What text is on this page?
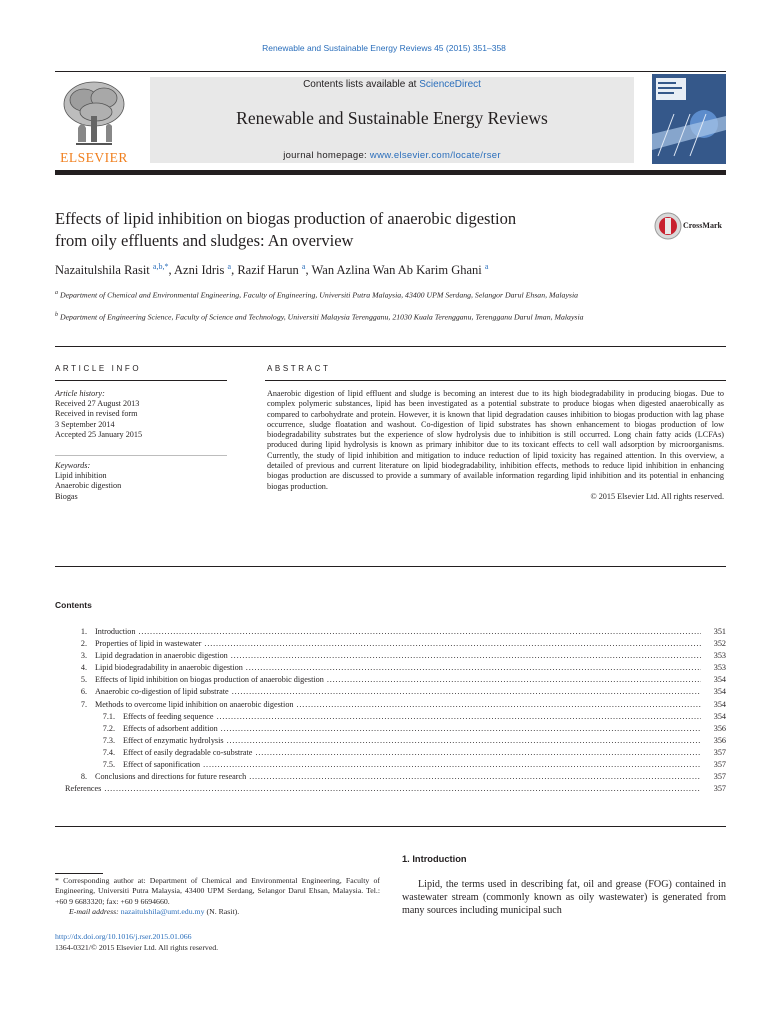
Renewable and Sustainable Energy Reviews 45 (2015) 351–358
ELSEVIER
Contents lists available at ScienceDirect
Renewable and Sustainable Energy Reviews
journal homepage: www.elsevier.com/locate/rser
Effects of lipid inhibition on biogas production of anaerobic digestion
from oily effluents and sludges: An overview
CrossMark
Nazaitulshila Rasit $^{a,b,*}$, Azni Idris $^a$, Razif Harun $^a$, Wan Azlina Wan Ab Karim Ghani $^a$
$^a$ Department of Chemical and Environmental Engineering, Faculty of Engineering, Universiti Putra Malaysia, 43400 UPM Serdang, Selangor Darul Ehsan, Malaysia
$^b$ Department of Engineering Science, Faculty of Science and Technology, Universiti Malaysia Terengganu, 21030 Kuala Terengganu, Terengganu Darul Iman, Malaysia
ARTICLE INFO
Article history:
Received 27 August 2013
Received in revised form
3 September 2014
Accepted 25 January 2015
Keywords:
Lipid inhibition
Anaerobic digestion
Biogas
ABSTRACT
Anaerobic digestion of lipid effluent and sludge is becoming an interest due to its high biodegradability in producing biogas. Due to complex polymeric substances, lipid has been investigated as a potential substrate to produce biogas when digested anaerobically as compared to carbohydrate and protein. However, it is known that lipid degradation causes inhibition to biogas production with lag phase occurrence, sludge floatation and washout. Co-digestion of lipid substrates has shown enhancement to biogas production of low biodegradability substrates but the experience of slow hydrolysis due to inhibition is still occurred. Long chain fatty acids (LCFAs) produced during lipid hydrolysis is known as primary inhibitor due to its toxicant effects to cell wall adsorption by microorganisms. Currently, the study of lipid inhibition and mitigation to induce reduction of lipid toxicity has regained attention. In this overview, a detailed of previous and current literature on lipid biodegradability, inhibition effects, methods to reduce lipid inhibition in enhancing biogas production are discussed to provide a summary of available information regarding lipid inhibition and its potential in enhancing biogas production.
© 2015 Elsevier Ltd. All rights reserved.
Contents
1. Introduction . . .	351
2. Properties of lipid in wastewater . . .	352
3. Lipid degradation in anaerobic digestion . . .	353
4. Lipid biodegradability in anaerobic digestion . . .	353
5. Effects of lipid inhibition on biogas production of anaerobic digestion . . .	354
6. Anaerobic co-digestion of lipid substrate . . .	354
7. Methods to overcome lipid inhibition on anaerobic digestion . . .	354
7.1. Effects of feeding sequence . . .	354
7.2. Effects of adsorbent addition . . .	356
7.3. Effect of enzymatic hydrolysis . . .	356
7.4. Effect of easily degradable co-substrate . . .	357
7.5. Effect of saponification . . .	357
8. Conclusions and directions for future research . . .	357
References . . .	357
* Corresponding author at: Department of Chemical and Environmental Engineering, Faculty of Engineering, Universiti Putra Malaysia, 43400 UPM Serdang, Selangor Darul Ehsan, Malaysia. Tel.: +60 9 6683320; fax: +60 9 6694660.
E-mail address: nazaitulshila@umt.edu.my (N. Rasit).
http://dx.doi.org/10.1016/j.rser.2015.01.066
1364-0321/© 2015 Elsevier Ltd. All rights reserved.
1. Introduction
Lipid, the terms used in describing fat, oil and grease (FOG) contained in wastewater stream (commonly known as oily wastewater) is generated from many sources including municipal such
